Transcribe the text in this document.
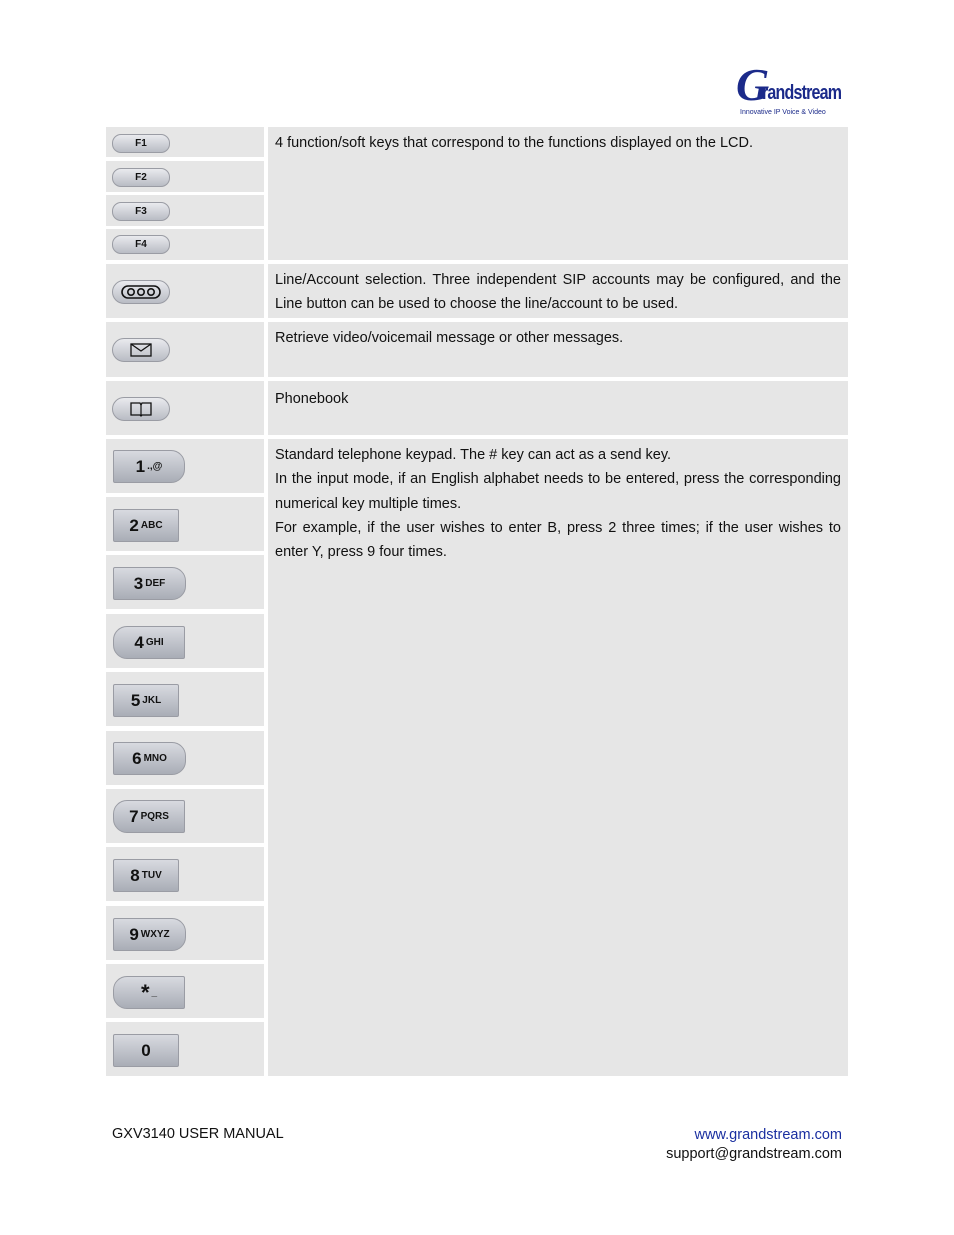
G
randstream
Innovative IP Voice & Video
F1
F2
F3
F4
4 function/soft keys that correspond to the functions displayed on the LCD.
Line/Account selection. Three independent SIP accounts may be configured, and the Line button can be used to choose the line/account to be used.
Retrieve video/voicemail message or other messages.
Phonebook
1 .,@
2 ABC
3 DEF
4 GHI
5 JKL
6 MNO
7 PQRS
8 TUV
9 WXYZ
* _
0
Standard telephone keypad. The # key can act as a send key.
In the input mode, if an English alphabet needs to be entered, press the corresponding numerical key multiple times.
For example, if the user wishes to enter B, press 2 three times; if the user wishes to enter Y, press 9 four times.
GXV3140 USER MANUAL	www.grandstream.com
support@grandstream.com
